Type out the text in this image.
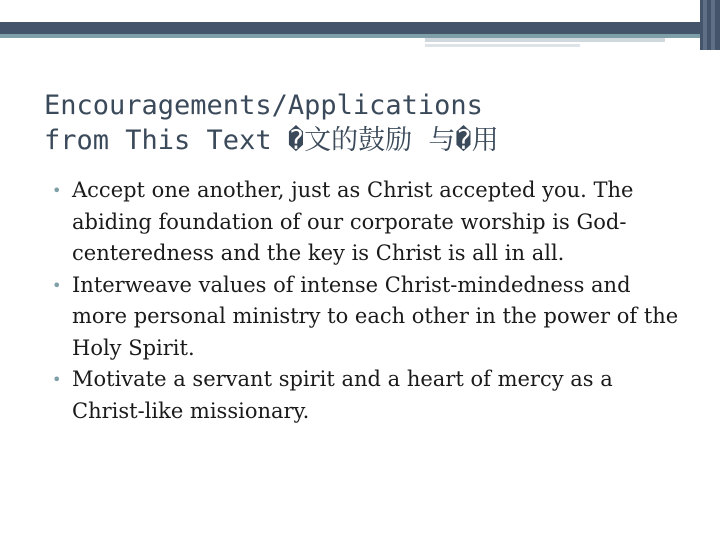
Encouragements/Applications
from This Text �文的鼓励 与�用
• Accept one another, just as Christ accepted you. The abiding foundation of our corporate worship is God-centeredness and the key is Christ is all in all.
• Interweave values of intense Christ-mindedness and more personal ministry to each other in the power of the Holy Spirit.
• Motivate a servant spirit and a heart of mercy as a Christ-like missionary.
